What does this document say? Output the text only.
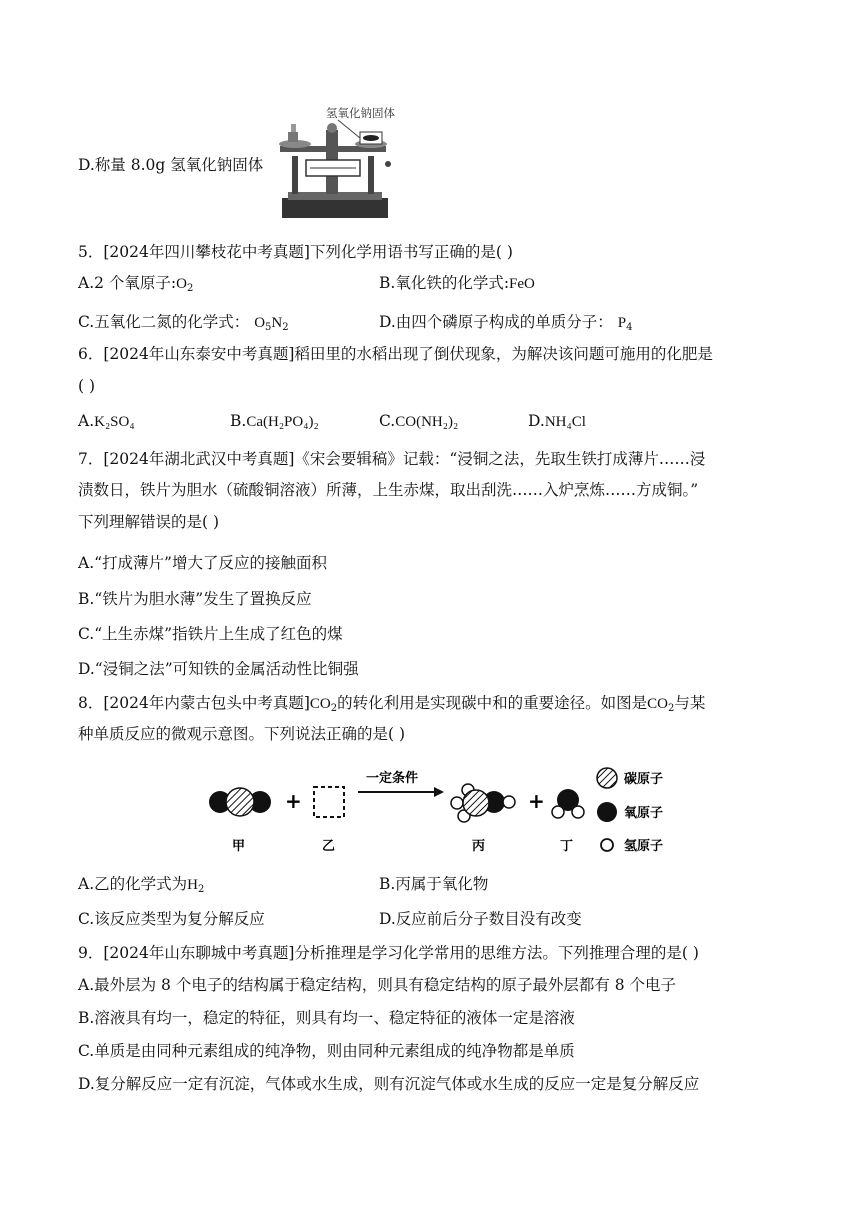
D.称量 8.0g 氢氧化钠固体
氢氧化钠固体
5．[2024年四川攀枝花中考真题]下列化学用语书写正确的是( )
A.2 个氧原子$:O_2$	B.氧化铁的化学式:FeO
C.五氧化二氮的化学式： $O_5N_2$	D.由四个磷原子构成的单质分子： $P_4$
6．[2024年山东泰安中考真题]稻田里的水稻出现了倒伏现象，为解决该问题可施用的化肥是
( )
A.K₂SO₄	B.Ca(H₂PO₄)₂	C.CO(NH₂)₂	D.NH₄Cl
7．[2024年湖北武汉中考真题]《宋会要辑稿》记载：“浸铜之法，先取生铁打成薄片……浸
渍数日，铁片为胆水（硫酸铜溶液）所薄，上生赤煤，取出刮洗……入炉烹炼……方成铜。”
下列理解错误的是( )
A.“打成薄片”增大了反应的接触面积
B.“铁片为胆水薄”发生了置换反应
C.“上生赤煤”指铁片上生成了红色的煤
D.“浸铜之法”可知铁的金属活动性比铜强
8．[2024年内蒙古包头中考真题]$CO_2$的转化利用是实现碳中和的重要途径。如图是$CO_2$与某
种单质反应的微观示意图。下列说法正确的是( )
甲
+
乙
一定条件
丙
+
丁
碳原子
氧原子
氢原子
A.乙的化学式为$H_2$	B.丙属于氧化物
C.该反应类型为复分解反应	D.反应前后分子数目没有改变
9．[2024年山东聊城中考真题]分析推理是学习化学常用的思维方法。下列推理合理的是( )
A.最外层为 8 个电子的结构属于稳定结构，则具有稳定结构的原子最外层都有 8 个电子
B.溶液具有均一，稳定的特征，则具有均一、稳定特征的液体一定是溶液
C.单质是由同种元素组成的纯净物，则由同种元素组成的纯净物都是单质
D.复分解反应一定有沉淀，气体或水生成，则有沉淀气体或水生成的反应一定是复分解反应
